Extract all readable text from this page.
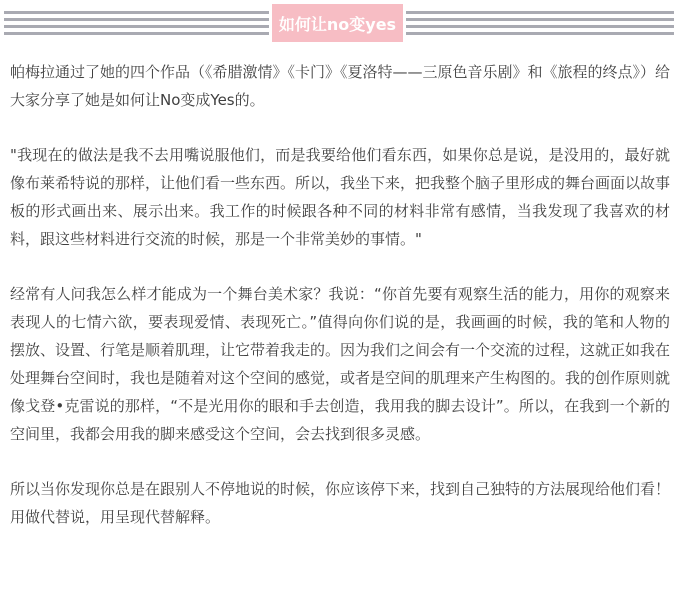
如何让no变yes

帕梅拉通过了她的四个作品（《希腊激情》《卡门》《夏洛特——三原色音乐剧》和《旅程的终点》）给大家分享了她是如何让No变成Yes的。

"我现在的做法是我不去用嘴说服他们，而是我要给他们看东西，如果你总是说，是没用的，最好就像布莱希特说的那样，让他们看一些东西。所以，我坐下来，把我整个脑子里形成的舞台画面以故事板的形式画出来、展示出来。我工作的时候跟各种不同的材料非常有感情，当我发现了我喜欢的材料，跟这些材料进行交流的时候，那是一个非常美妙的事情。"

经常有人问我怎么样才能成为一个舞台美术家？我说：“你首先要有观察生活的能力，用你的观察来表现人的七情六欲，要表现爱情、表现死亡。”值得向你们说的是，我画画的时候，我的笔和人物的摆放、设置、行笔是顺着肌理，让它带着我走的。因为我们之间会有一个交流的过程，这就正如我在处理舞台空间时，我也是随着对这个空间的感觉，或者是空间的肌理来产生构图的。我的创作原则就像戈登•克雷说的那样，“不是光用你的眼和手去创造，我用我的脚去设计”。所以，在我到一个新的空间里，我都会用我的脚来感受这个空间，会去找到很多灵感。

所以当你发现你总是在跟别人不停地说的时候，你应该停下来，找到自己独特的方法展现给他们看！用做代替说，用呈现代替解释。
